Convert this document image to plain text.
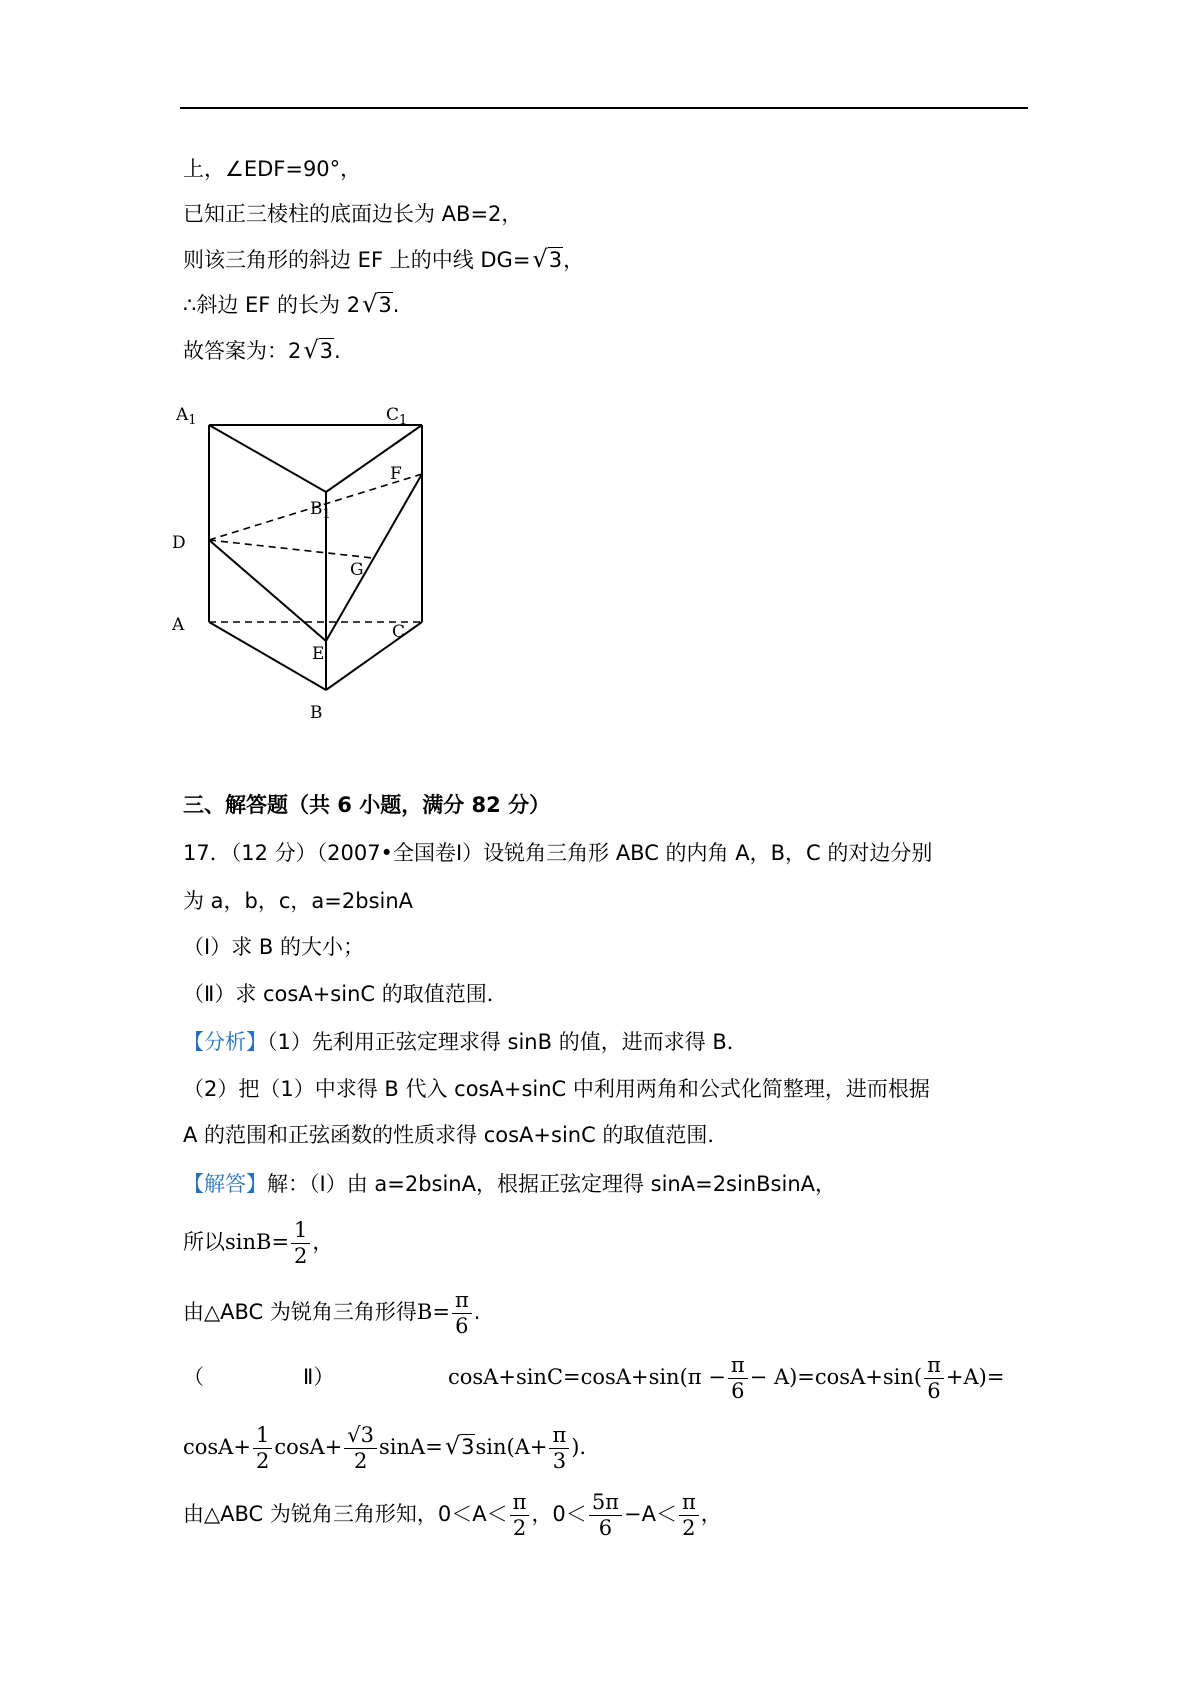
上，∠EDF=90°，
已知正三棱柱的底面边长为 AB=2，
则该三角形的斜边 EF 上的中线 DG=√3，
∴斜边 EF 的长为 2√3.
故答案为：2√3.
$A_1$	$C_1$
$B_1$
F
D
G
A	C
E
B
三、解答题（共 6 小题，满分 82 分）
17．（12 分）（2007•全国卷Ⅰ）设锐角三角形 ABC 的内角 A，B，C 的对边分别
为 a，b，c，a=2bsinA
（Ⅰ）求 B 的大小；
（Ⅱ）求 cosA+sinC 的取值范围．
【分析】（1）先利用正弦定理求得 sinB 的值，进而求得 B．
（2）把（1）中求得 B 代入 cosA+sinC 中利用两角和公式化简整理，进而根据
A 的范围和正弦函数的性质求得 cosA+sinC 的取值范围．
【解答】解：（Ⅰ）由 a=2bsinA，根据正弦定理得 sinA=2sinBsinA，
所以$\sin B= \frac{1}{2}$ ，
由△ABC 为锐角三角形得$B= \frac{\pi}{6}$ .
（	Ⅱ）	$\cos A+\sin C=\cos A+\sin(\pi - \frac{\pi}{6} - A)=\cos A+\sin( \frac{\pi}{6} +A)=$
$\cos A+ \frac{1}{2} \cos A+ \frac{√3}{2} \sin A=√3\sin(A+ \frac{\pi}{3}$ )．
由△ABC 为锐角三角形知，$0<A< \frac{\pi}{2}$ ，$0< \frac{5\pi}{6} -A< \frac{\pi}{2}$ ，
